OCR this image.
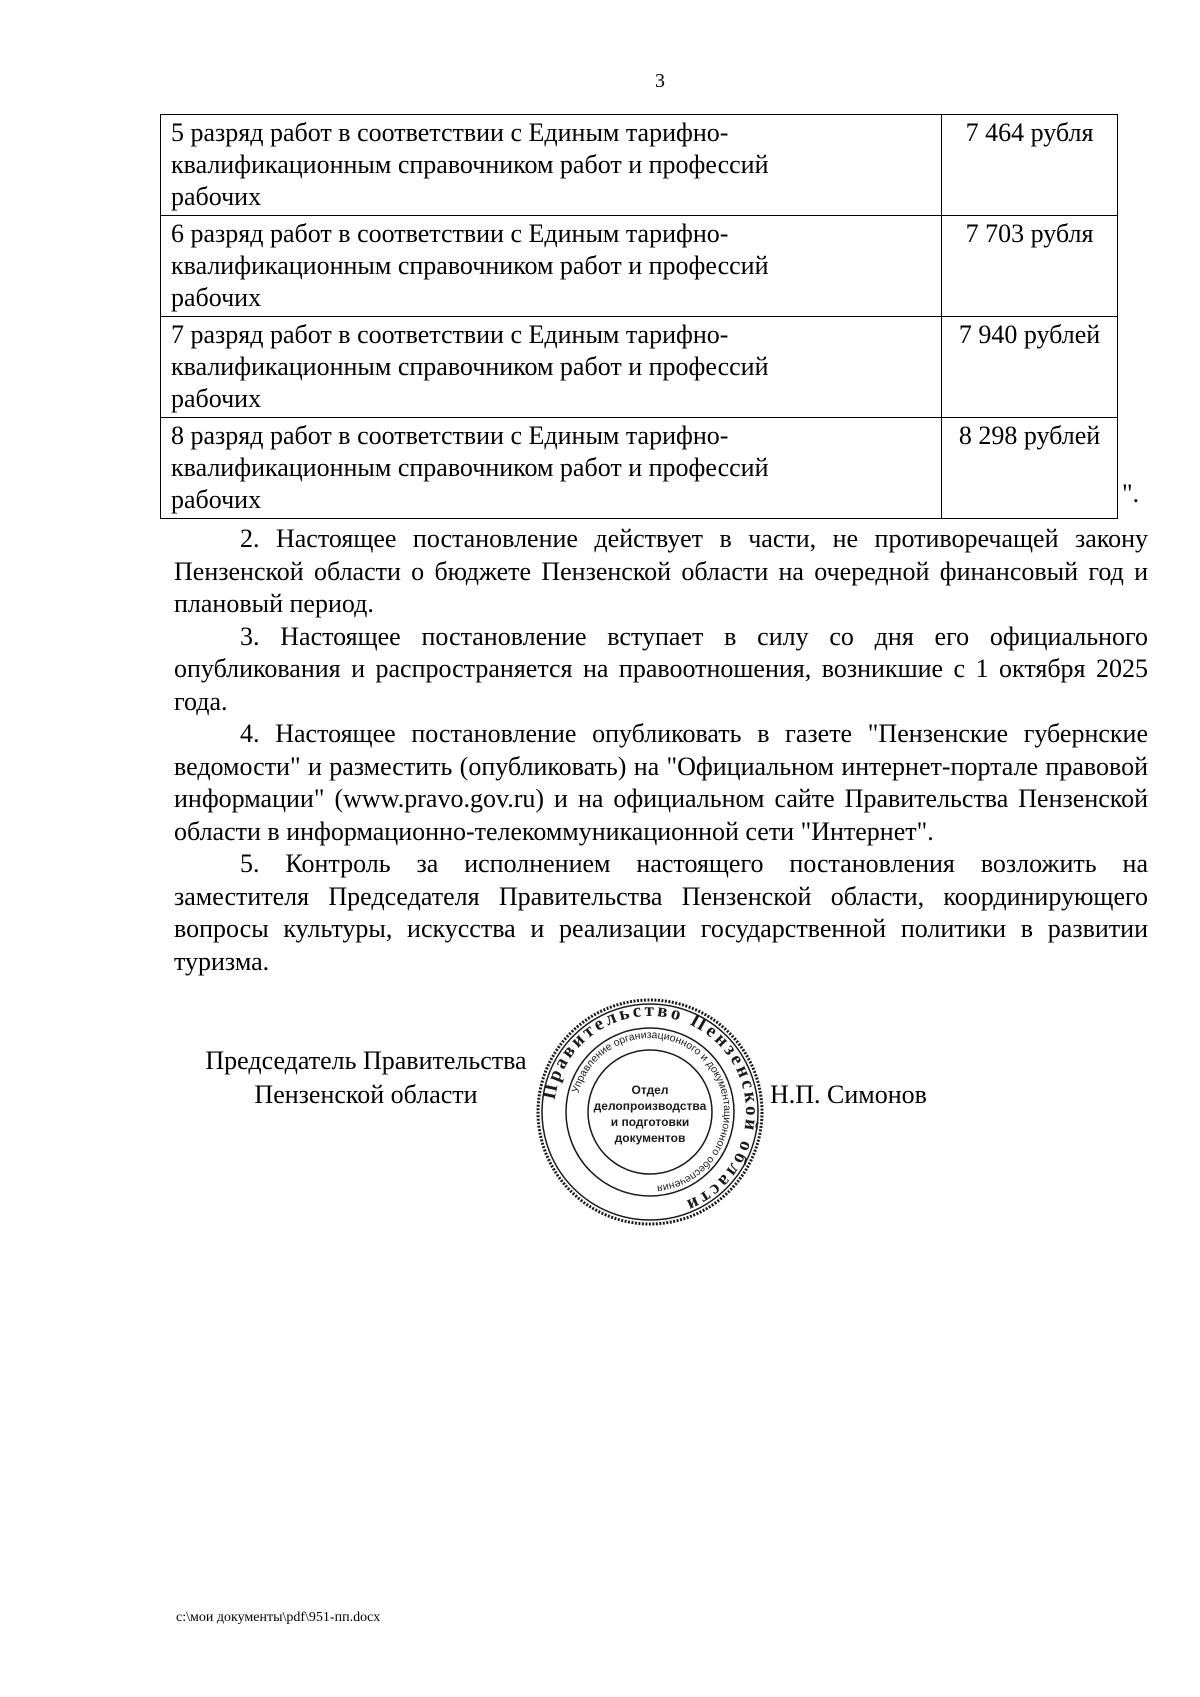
3
5 разряд работ в соответствии с Единым тарифно-
квалификационным справочником работ и профессий
рабочих	7 464 рубля

6 разряд работ в соответствии с Единым тарифно-
квалификационным справочником работ и профессий
рабочих	7 703 рубля

7 разряд работ в соответствии с Единым тарифно-
квалификационным справочником работ и профессий
рабочих	7 940 рублей

8 разряд работ в соответствии с Единым тарифно-
квалификационным справочником работ и профессий
рабочих	8 298 рублей
".

2. Настоящее постановление действует в части, не противоречащей закону Пензенской области о бюджете Пензенской области на очередной финансовый год и плановый период.

3. Настоящее постановление вступает в силу со дня его официального опубликования и распространяется на правоотношения, возникшие с 1 октября 2025 года.

4. Настоящее постановление опубликовать в газете "Пензенские губернские ведомости" и разместить (опубликовать) на "Официальном интернет-портале правовой информации" (www.pravo.gov.ru) и на официальном сайте Правительства Пензенской области в информационно-телекоммуникационной сети "Интернет".

5. Контроль за исполнением настоящего постановления возложить на заместителя Председателя Правительства Пензенской области, координирующего вопросы культуры, искусства и реализации государственной политики в развитии туризма.

Председатель Правительства
Пензенской области	Правительство Пензенской области
Управление организационного и документационного обеспечения
Отдел
делопроизводства
и подготовки
документов
Н.П. Симонов
c:\мои документы\pdf\951-пп.docx
